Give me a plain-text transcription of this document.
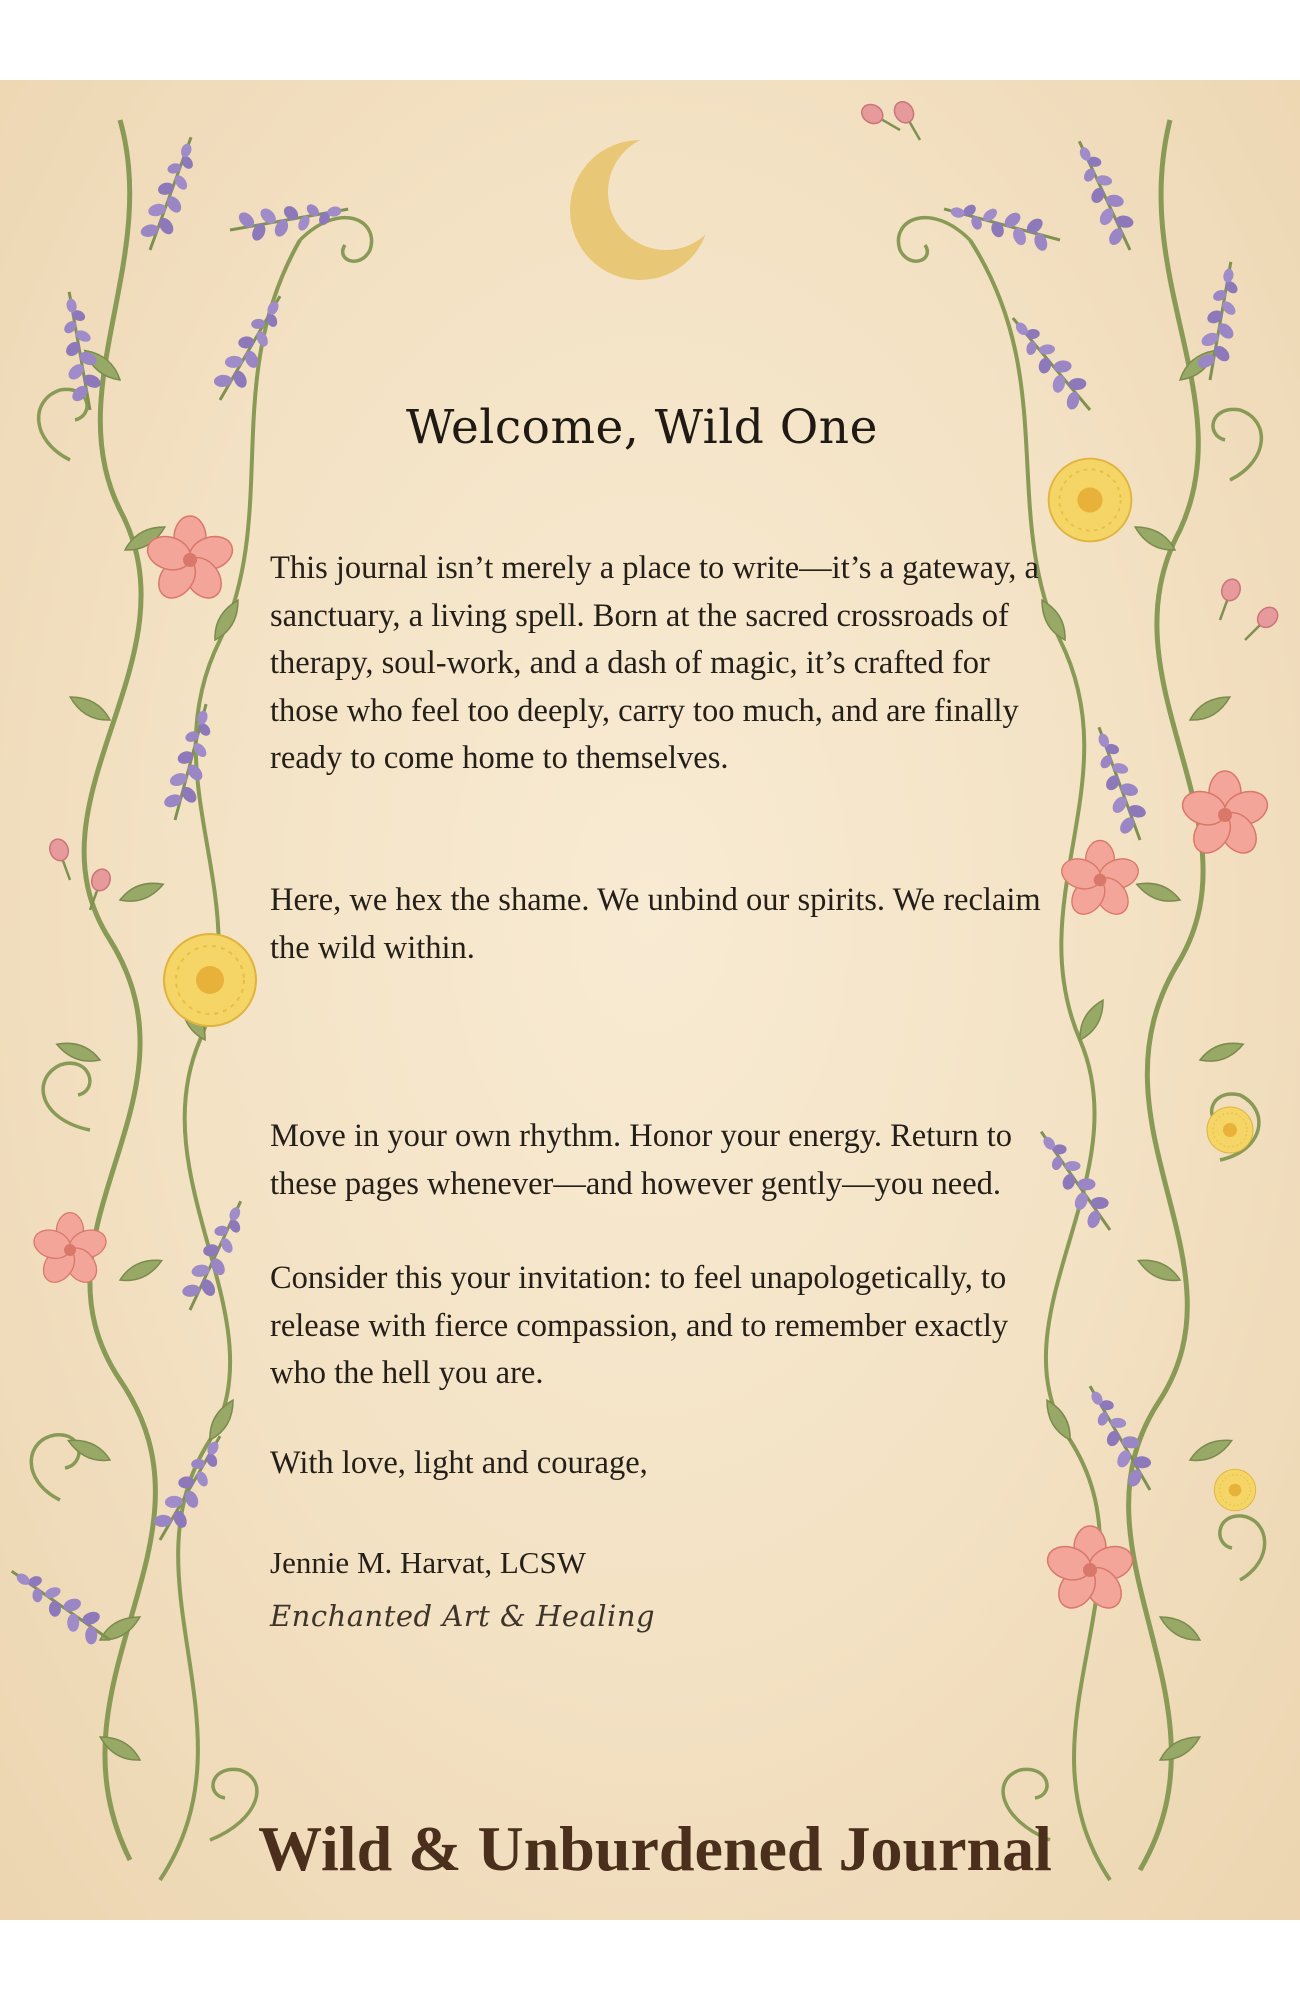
Welcome, Wild One

This journal isn’t merely a place to write—it’s a gateway, a sanctuary, a living spell. Born at the sacred crossroads of therapy, soul-work, and a dash of magic, it’s crafted for those who feel too deeply, carry too much, and are finally ready to come home to themselves.

Here, we hex the shame. We unbind our spirits. We reclaim the wild within.

Move in your own rhythm. Honor your energy. Return to these pages whenever—and however gently—you need.

Consider this your invitation: to feel unapologetically, to release with fierce compassion, and to remember exactly who the hell you are.

With love, light and courage,

Jennie M. Harvat, LCSW

Enchanted Art & Healing

Wild & Unburdened Journal
